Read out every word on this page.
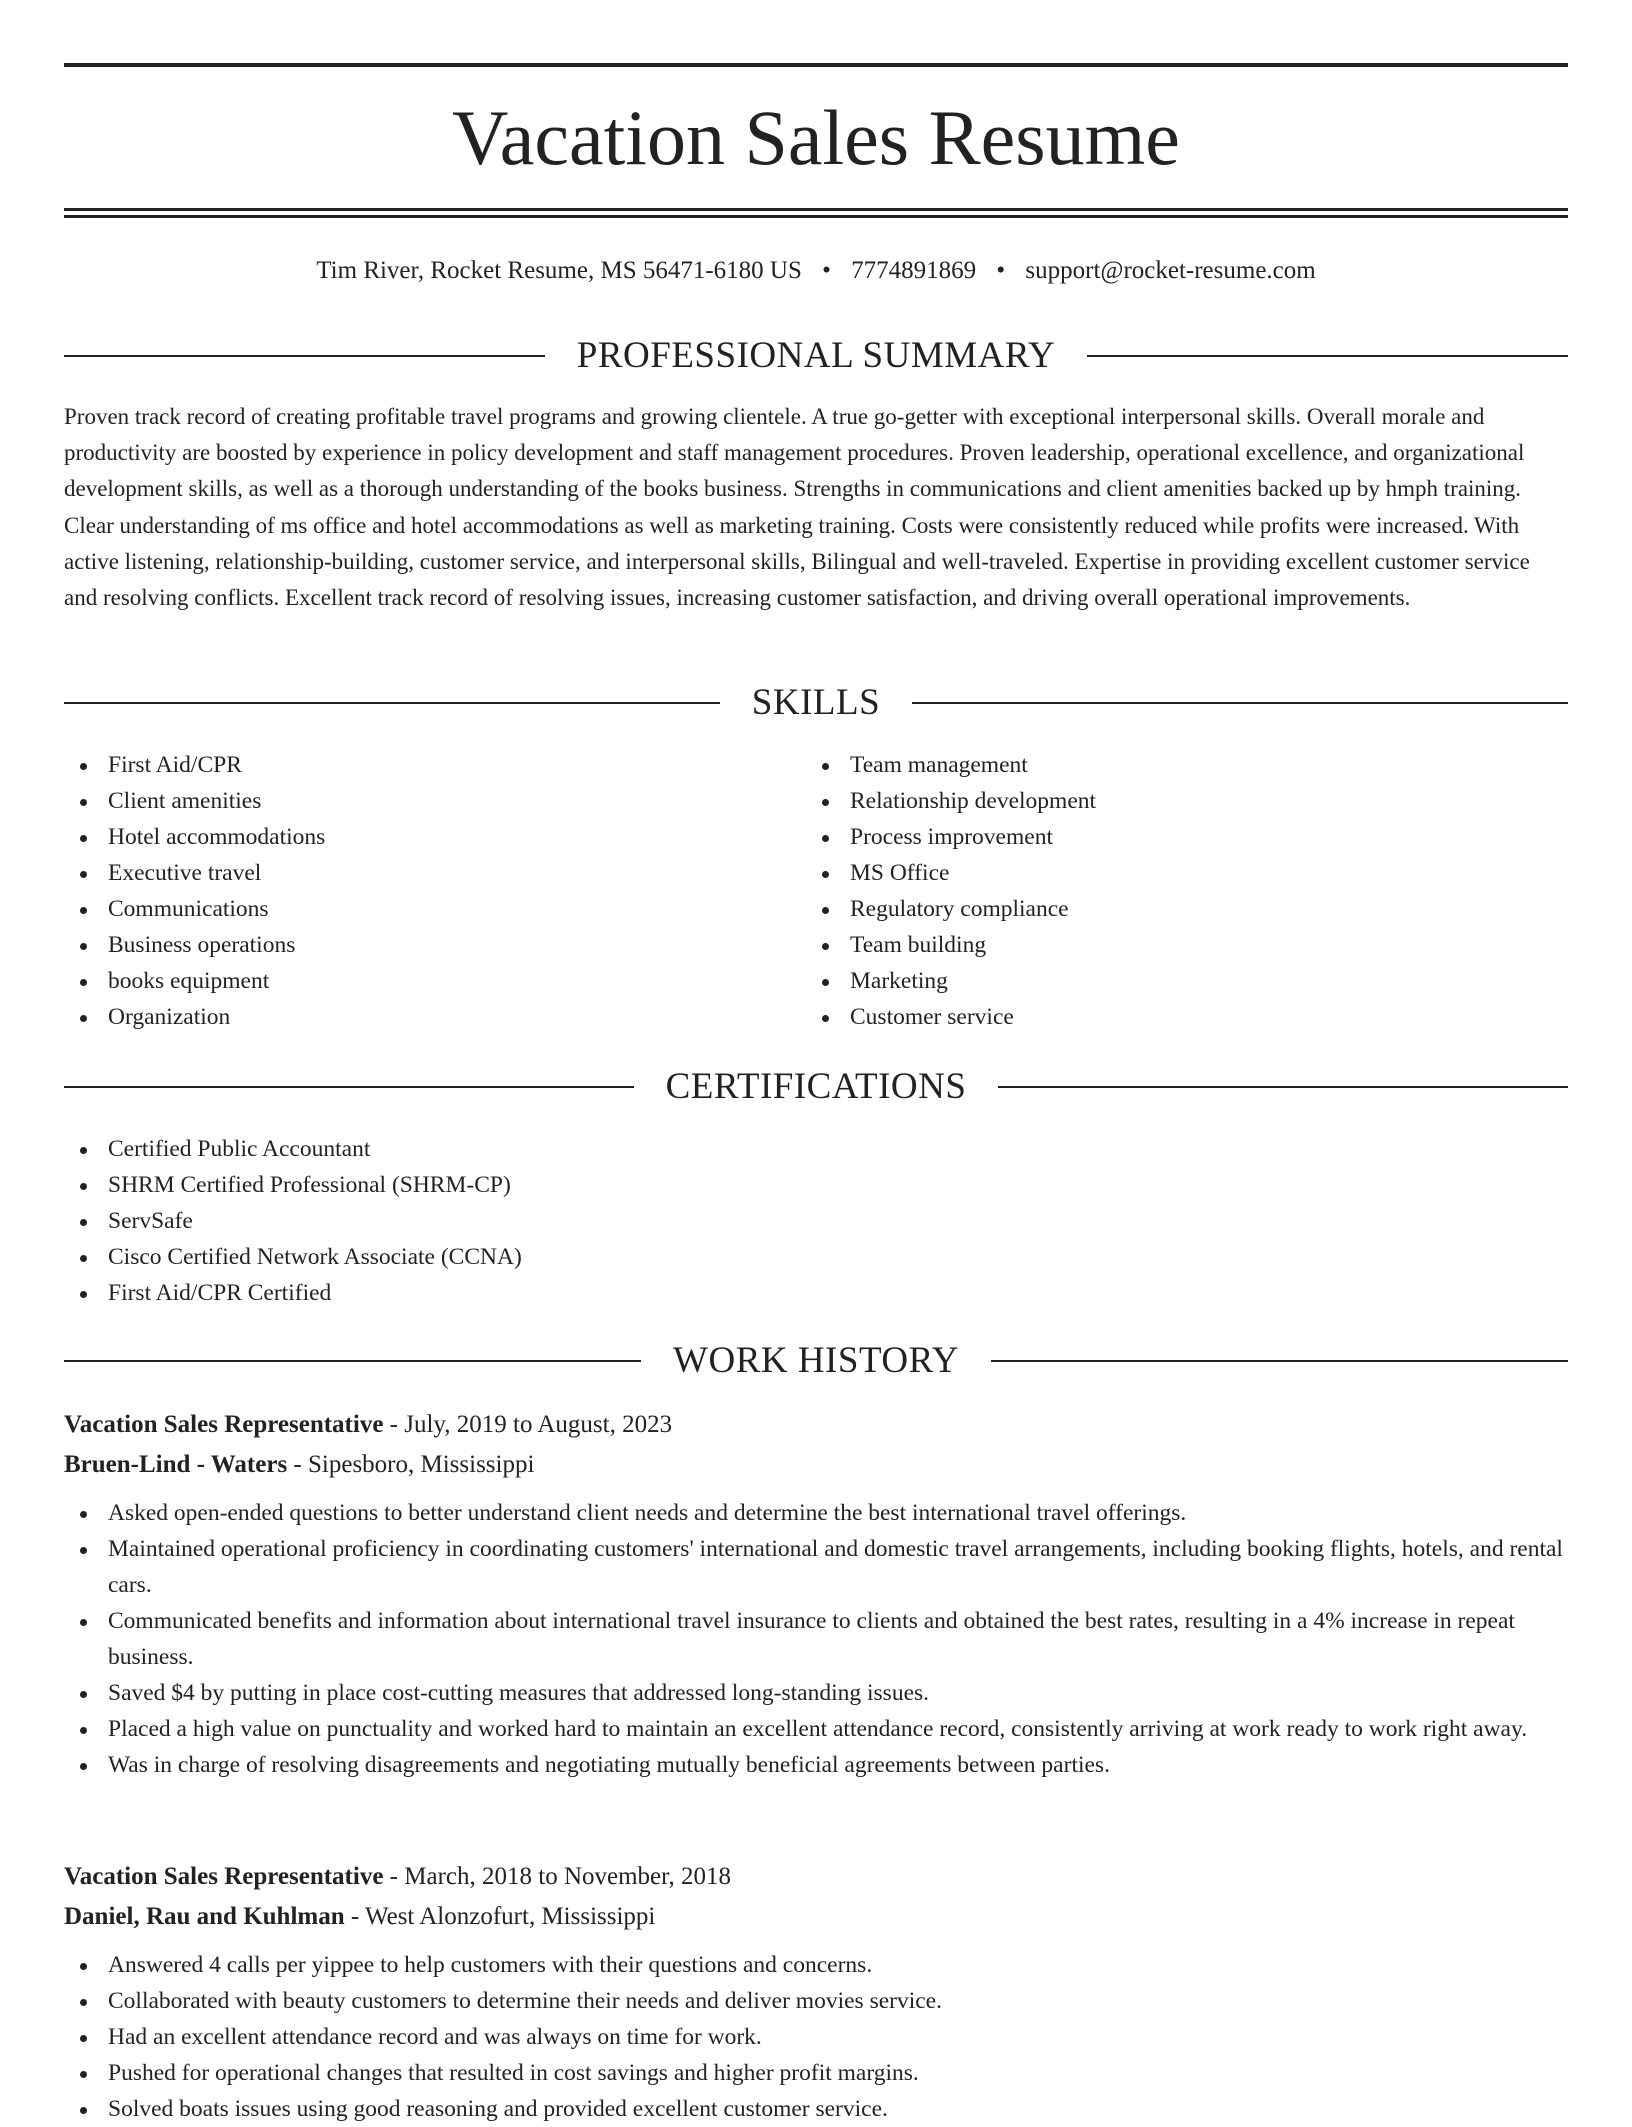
Vacation Sales Resume
Tim River, Rocket Resume, MS 56471-6180 US • 7774891869 • support@rocket-resume.com
PROFESSIONAL SUMMARY

Proven track record of creating profitable travel programs and growing clientele. A true go-getter with exceptional interpersonal skills. Overall morale and productivity are boosted by experience in policy development and staff management procedures. Proven leadership, operational excellence, and organizational development skills, as well as a thorough understanding of the books business. Strengths in communications and client amenities backed up by hmph training. Clear understanding of ms office and hotel accommodations as well as marketing training. Costs were consistently reduced while profits were increased. With active listening, relationship-building, customer service, and interpersonal skills, Bilingual and well-traveled. Expertise in providing excellent customer service and resolving conflicts. Excellent track record of resolving issues, increasing customer satisfaction, and driving overall operational improvements.

SKILLS
First Aid/CPR
Client amenities
Hotel accommodations
Executive travel
Communications
Business operations
books equipment
Organization
Team management
Relationship development
Process improvement
MS Office
Regulatory compliance
Team building
Marketing
Customer service
CERTIFICATIONS
Certified Public Accountant
SHRM Certified Professional (SHRM-CP)
ServSafe
Cisco Certified Network Associate (CCNA)
First Aid/CPR Certified
WORK HISTORY
Vacation Sales Representative - July, 2019 to August, 2023
Bruen-Lind - Waters - Sipesboro, Mississippi
Asked open-ended questions to better understand client needs and determine the best international travel offerings.
Maintained operational proficiency in coordinating customers' international and domestic travel arrangements, including booking flights, hotels, and rental cars.
Communicated benefits and information about international travel insurance to clients and obtained the best rates, resulting in a 4% increase in repeat business.
Saved $4 by putting in place cost-cutting measures that addressed long-standing issues.
Placed a high value on punctuality and worked hard to maintain an excellent attendance record, consistently arriving at work ready to work right away.
Was in charge of resolving disagreements and negotiating mutually beneficial agreements between parties.
Vacation Sales Representative - March, 2018 to November, 2018
Daniel, Rau and Kuhlman - West Alonzofurt, Mississippi
Answered 4 calls per yippee to help customers with their questions and concerns.
Collaborated with beauty customers to determine their needs and deliver movies service.
Had an excellent attendance record and was always on time for work.
Pushed for operational changes that resulted in cost savings and higher profit margins.
Solved boats issues using good reasoning and provided excellent customer service.
